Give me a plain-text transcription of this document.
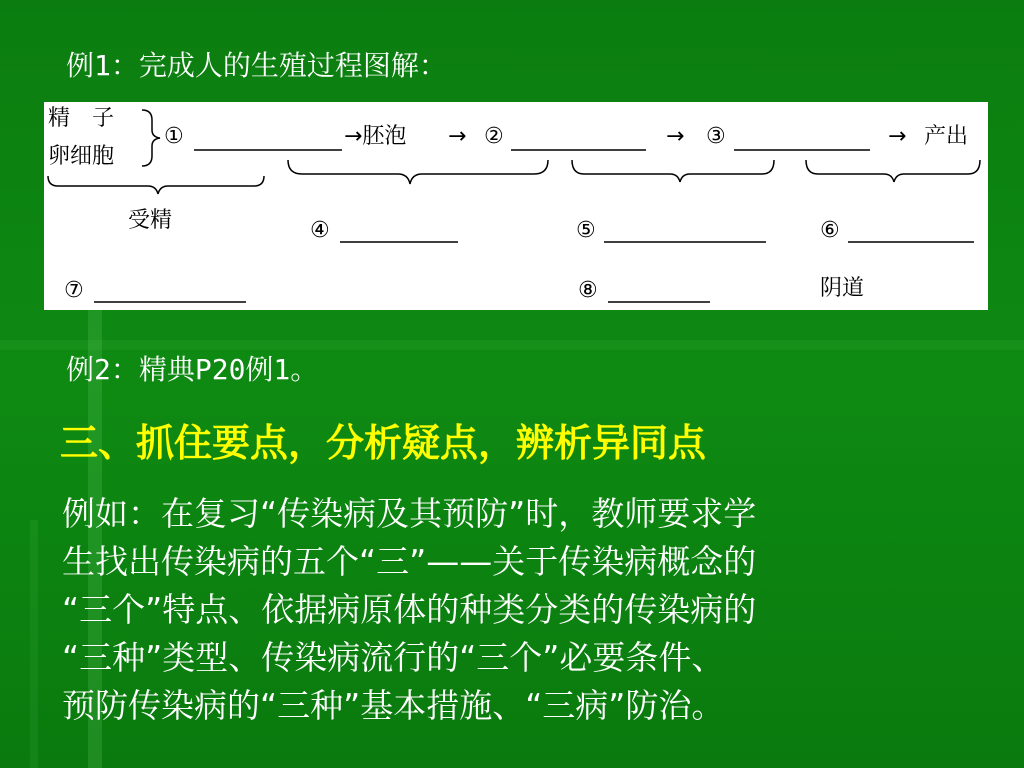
例1：完成人的生殖过程图解：
精　子
卵细胞
①	→胚泡 → ②	→ ③	→ 产出
受精	④	⑤	⑥
⑦	⑧	阴道
例2：精典P20例1。
三、抓住要点，分析疑点，辨析异同点
例如：在复习“传染病及其预防”时，教师要求学
生找出传染病的五个“三”——关于传染病概念的
“三个”特点、依据病原体的种类分类的传染病的
“三种”类型、传染病流行的“三个”必要条件、
预防传染病的“三种”基本措施、“三病”防治。
